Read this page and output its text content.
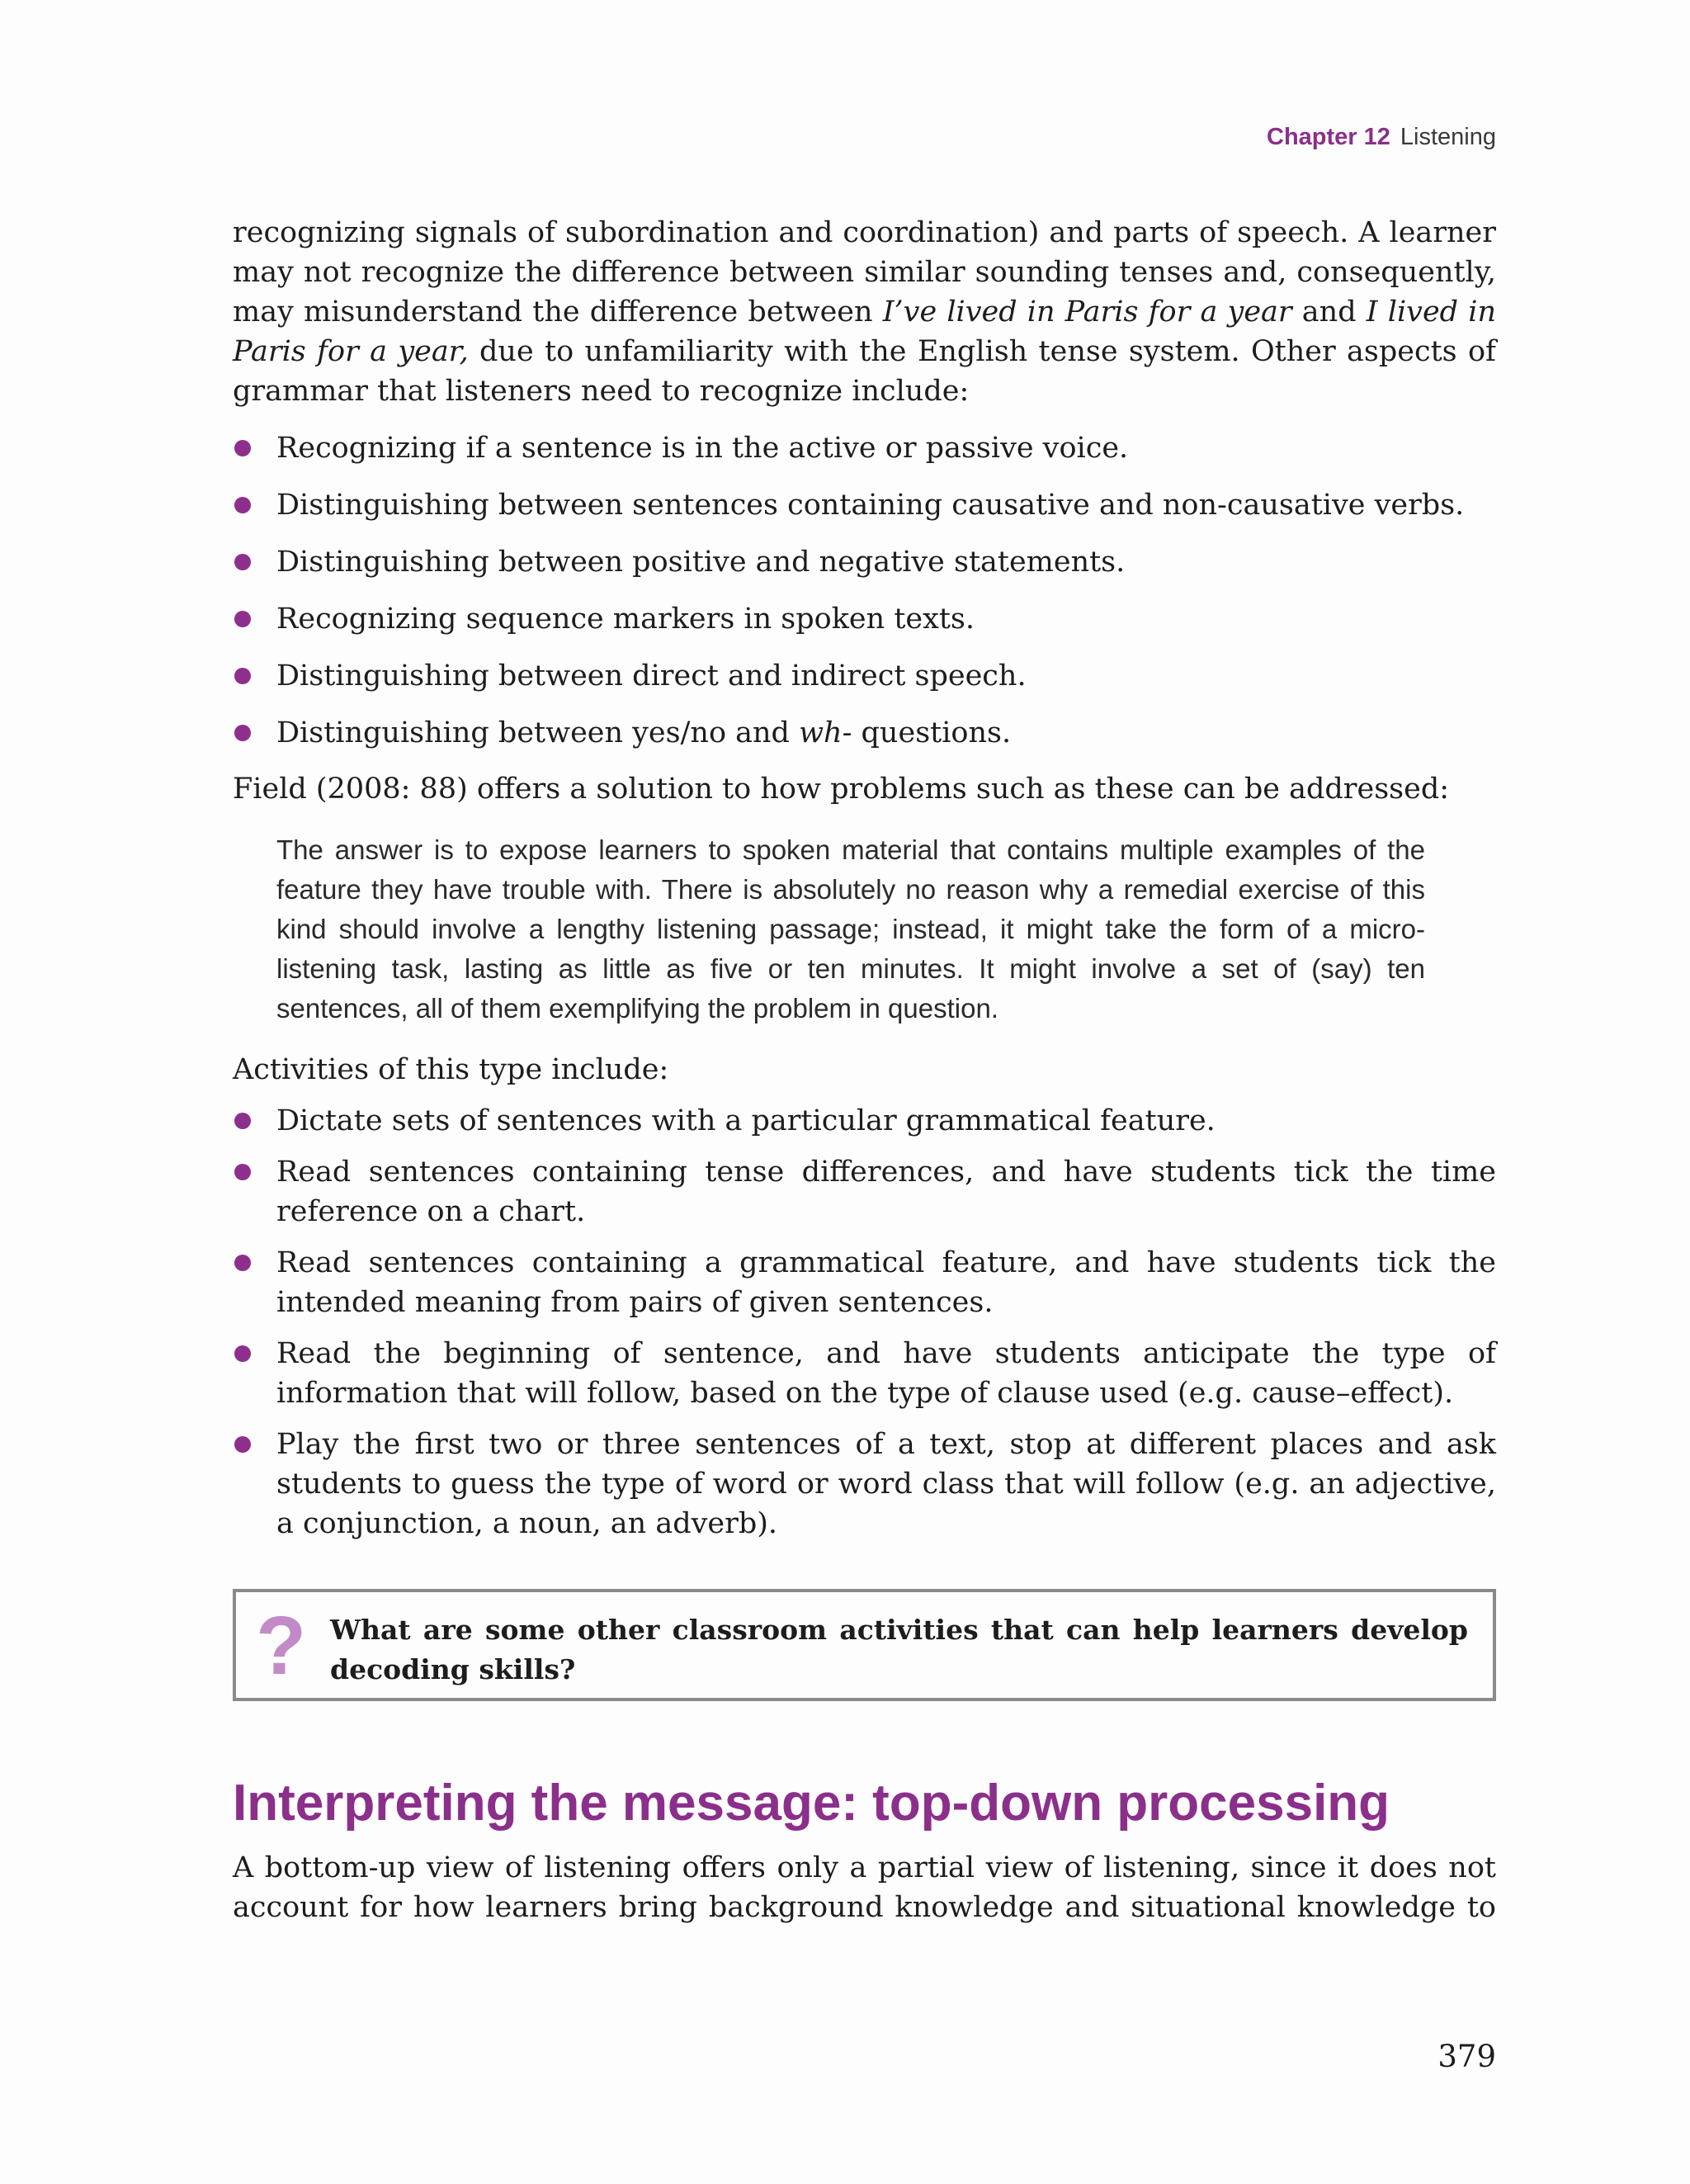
Chapter 12 Listening

recognizing signals of subordination and coordination) and parts of speech. A learner may not recognize the difference between similar sounding tenses and, consequently, may misunderstand the difference between I’ve lived in Paris for a year and I lived in Paris for a year, due to unfamiliarity with the English tense system. Other aspects of grammar that listeners need to recognize include:

Recognizing if a sentence is in the active or passive voice.
Distinguishing between sentences containing causative and non-causative verbs.
Distinguishing between positive and negative statements.
Recognizing sequence markers in spoken texts.
Distinguishing between direct and indirect speech.
Distinguishing between yes/no and wh- questions.

Field (2008: 88) offers a solution to how problems such as these can be addressed:

The answer is to expose learners to spoken material that contains multiple examples of the feature they have trouble with. There is absolutely no reason why a remedial exercise of this kind should involve a lengthy listening passage; instead, it might take the form of a micro-listening task, lasting as little as five or ten minutes. It might involve a set of (say) ten sentences, all of them exemplifying the problem in question.

Activities of this type include:

Dictate sets of sentences with a particular grammatical feature.
Read sentences containing tense differences, and have students tick the time reference on a chart.
Read sentences containing a grammatical feature, and have students tick the intended meaning from pairs of given sentences.
Read the beginning of sentence, and have students anticipate the type of information that will follow, based on the type of clause used (e.g. cause–effect).
Play the first two or three sentences of a text, stop at different places and ask students to guess the type of word or word class that will follow (e.g. an adjective, a conjunction, a noun, an adverb).
? What are some other classroom activities that can help learners develop decoding skills?
Interpreting the message: top-down processing

A bottom-up view of listening offers only a partial view of listening, since it does not account for how learners bring background knowledge and situational knowledge to

379
